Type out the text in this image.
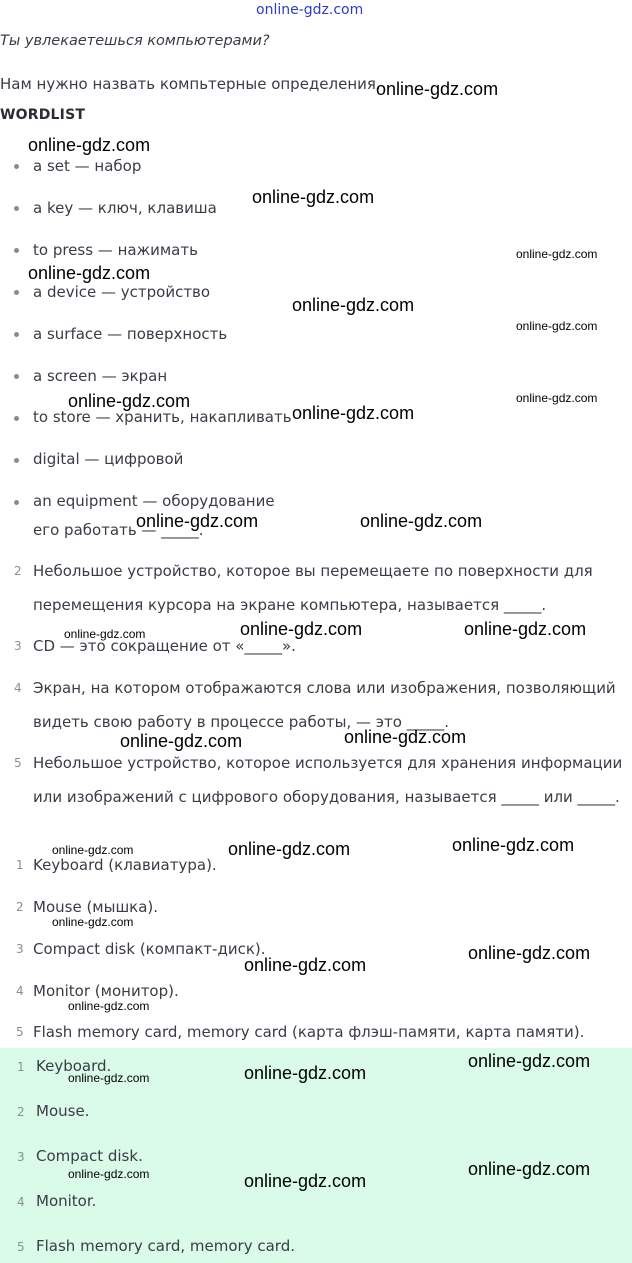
online-gdz.com
Ты увлекаетешься компьютерами?
Нам нужно назвать компьтерные определения.
WORDLIST
a set — набор
a key — ключ, клавиша
to press — нажимать
a device — устройство
a surface — поверхность
a screen — экран
to store — хранить, накапливать
digital — цифровой
an equipment — оборудование
его работать — _____.
2 Небольшое устройство, которое вы перемещаете по поверхности для
перемещения курсора на экране компьютера, называется _____.
3 CD — это сокращение от «_____».
4 Экран, на котором отображаются слова или изображения, позволяющий
видеть свою работу в процессе работы, — это _____.
5 Небольшое устройство, которое используется для хранения информации
или изображений с цифрового оборудования, называется _____ или _____.
1 Keyboard (клавиатура).
2 Mouse (мышка).
3 Compact disk (компакт-диск).
4 Monitor (монитор).
5 Flash memory card, memory card (карта флэш-памяти, карта памяти).
1 Keyboard.
2 Mouse.
3 Compact disk.
4 Monitor.
5 Flash memory card, memory card.
online-gdz.com
online-gdz.com
online-gdz.com
online-gdz.com
online-gdz.com
online-gdz.com
online-gdz.com
online-gdz.com	online-gdz.com
online-gdz.com
online-gdz.com	online-gdz.com
online-gdz.com	online-gdz.com	online-gdz.com
online-gdz.com	online-gdz.com
online-gdz.com	online-gdz.com	online-gdz.com
online-gdz.com
online-gdz.com
online-gdz.com
online-gdz.com
online-gdz.com
online-gdz.com	online-gdz.com
online-gdz.com	online-gdz.com
online-gdz.com
